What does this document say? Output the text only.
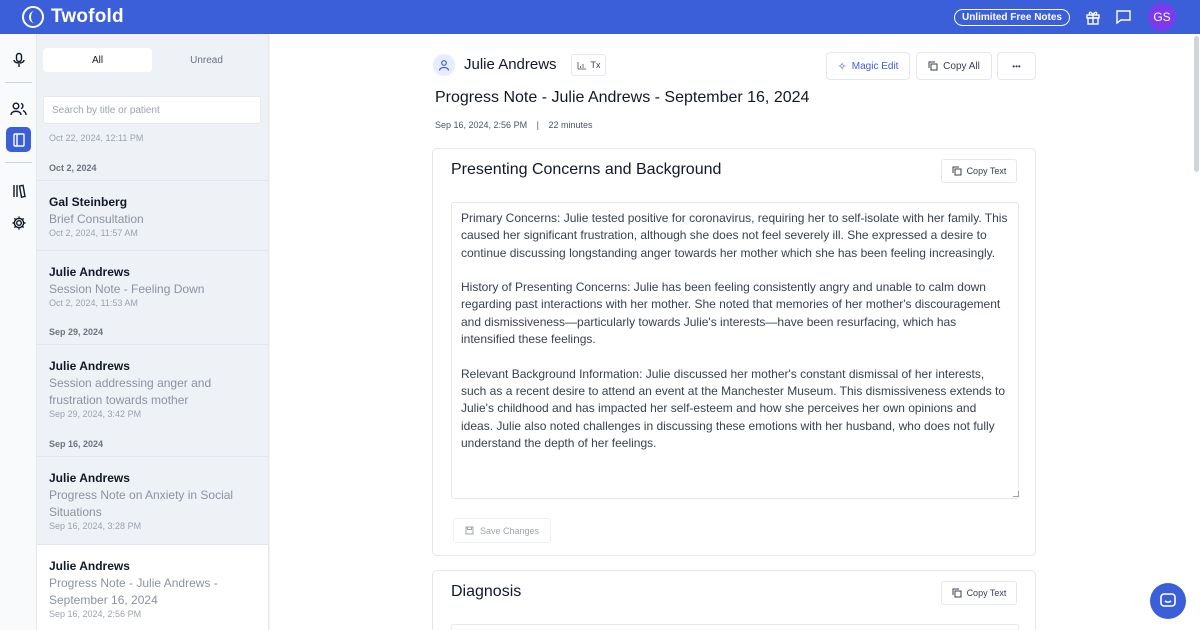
Twofold	Unlimited Free Notes	GS
All	Unread
Search by title or patient
Oct 22, 2024, 12:11 PM
Oct 2, 2024
Gal Steinberg
Brief Consultation
Oct 2, 2024, 11:57 AM
Julie Andrews
Session Note - Feeling Down
Oct 2, 2024, 11:53 AM
Sep 29, 2024
Julie Andrews
Session addressing anger and frustration towards mother
Sep 29, 2024, 3:42 PM
Sep 16, 2024
Julie Andrews
Progress Note on Anxiety in Social Situations
Sep 16, 2024, 3:28 PM
Julie Andrews
Progress Note - Julie Andrews - September 16, 2024
Sep 16, 2024, 2:56 PM
Julie Andrews	Tx	✧ Magic Edit	Copy All	•••
Progress Note - Julie Andrews - September 16, 2024
Sep 16, 2024, 2:56 PM | 22 minutes
Presenting Concerns and Background	Copy Text
Primary Concerns: Julie tested positive for coronavirus, requiring her to self-isolate with her family. This caused her significant frustration, although she does not feel severely ill. She expressed a desire to continue discussing longstanding anger towards her mother which she has been feeling increasingly.

History of Presenting Concerns: Julie has been feeling consistently angry and unable to calm down regarding past interactions with her mother. She noted that memories of her mother's discouragement and dismissiveness—particularly towards Julie's interests—have been resurfacing, which has intensified these feelings.

Relevant Background Information: Julie discussed her mother's constant dismissal of her interests, such as a recent desire to attend an event at the Manchester Museum. This dismissiveness extends to Julie's childhood and has impacted her self-esteem and how she perceives her own opinions and ideas. Julie also noted challenges in discussing these emotions with her husband, who does not fully understand the depth of her feelings.
Save Changes
Diagnosis	Copy Text
